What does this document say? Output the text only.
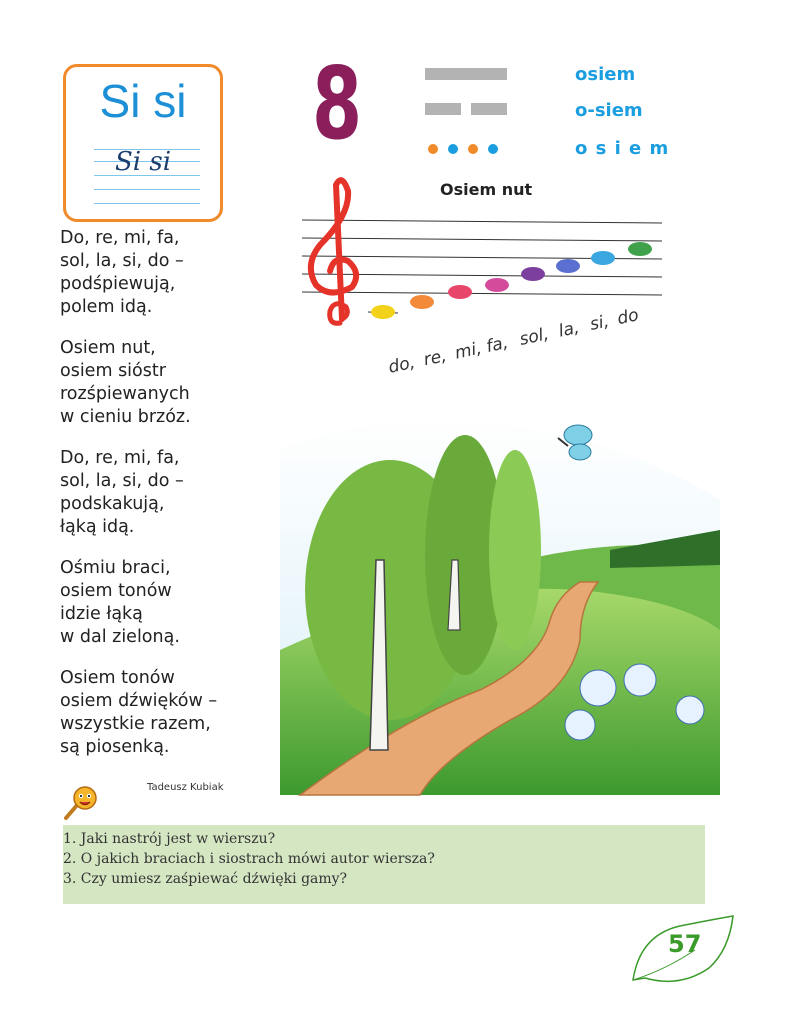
Si si
Si si
Do, re, mi, fa,
sol, la, si, do –
podśpiewują,
polem idą.
Osiem nut,
osiem sióstr
rozśpiewanych
w cieniu brzóz.
Do, re, mi, fa,
sol, la, si, do –
podskakują,
łąką idą.
Ośmiu braci,
osiem tonów
idzie łąką
w dal zieloną.
Osiem tonów
osiem dźwięków –
wszystkie razem,
są piosenką.
Tadeusz Kubiak
8	osiem
o-siem
o s i e m
Osiem nut
do, re, mi, fa, sol, la, si, do
1. Jaki nastrój jest w wierszu?
2. O jakich braciach i siostrach mówi autor wiersza?
3. Czy umiesz zaśpiewać dźwięki gamy?
57
